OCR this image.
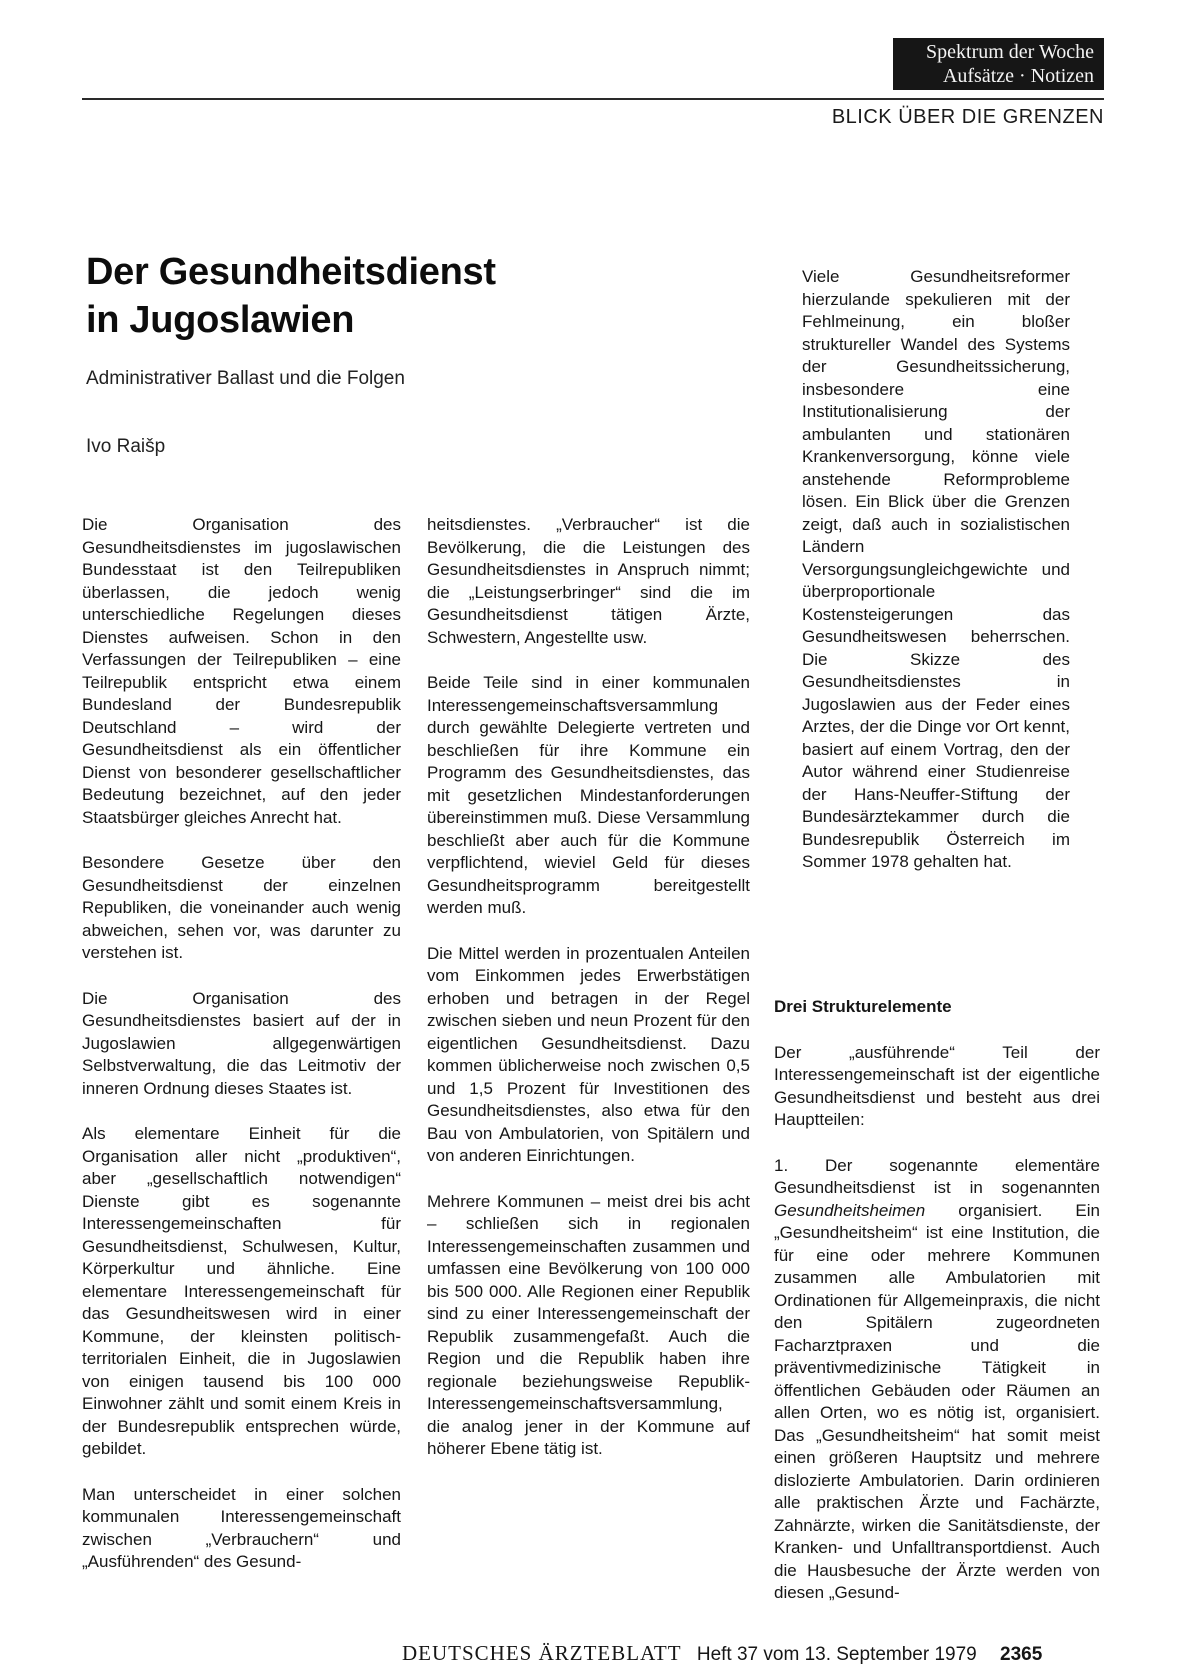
Spektrum der Woche
Aufsätze · Notizen
BLICK ÜBER DIE GRENZEN
Der Gesundheitsdienst
in Jugoslawien
Administrativer Ballast und die Folgen
Ivo Raišp

Die Organisation des Gesundheitsdienstes im jugoslawischen Bundesstaat ist den Teilrepubliken überlassen, die jedoch wenig unterschiedliche Regelungen dieses Dienstes aufweisen. Schon in den Verfassungen der Teilrepubliken – eine Teilrepublik entspricht etwa einem Bundesland der Bundesrepublik Deutschland – wird der Gesundheitsdienst als ein öffentlicher Dienst von besonderer gesellschaftlicher Bedeutung bezeichnet, auf den jeder Staatsbürger gleiches Anrecht hat.

Besondere Gesetze über den Gesundheitsdienst der einzelnen Republiken, die voneinander auch wenig abweichen, sehen vor, was darunter zu verstehen ist.

Die Organisation des Gesundheitsdienstes basiert auf der in Jugoslawien allgegenwärtigen Selbstverwaltung, die das Leitmotiv der inneren Ordnung dieses Staates ist.

Als elementare Einheit für die Organisation aller nicht „produktiven“, aber „gesellschaftlich notwendigen“ Dienste gibt es sogenannte Interessengemeinschaften für Gesundheitsdienst, Schulwesen, Kultur, Körperkultur und ähnliche. Eine elementare Interessengemeinschaft für das Gesundheitswesen wird in einer Kommune, der kleinsten politisch-territorialen Einheit, die in Jugoslawien von einigen tausend bis 100 000 Einwohner zählt und somit einem Kreis in der Bundesrepublik entsprechen würde, gebildet.

Man unterscheidet in einer solchen kommunalen Interessengemeinschaft zwischen „Verbrauchern“ und „Ausführenden“ des Gesund-

heitsdienstes. „Verbraucher“ ist die Bevölkerung, die die Leistungen des Gesundheitsdienstes in Anspruch nimmt; die „Leistungserbringer“ sind die im Gesundheitsdienst tätigen Ärzte, Schwestern, Angestellte usw.

Beide Teile sind in einer kommunalen Interessengemeinschaftsversammlung durch gewählte Delegierte vertreten und beschließen für ihre Kommune ein Programm des Gesundheitsdienstes, das mit gesetzlichen Mindestanforderungen übereinstimmen muß. Diese Versammlung beschließt aber auch für die Kommune verpflichtend, wieviel Geld für dieses Gesundheitsprogramm bereitgestellt werden muß.

Die Mittel werden in prozentualen Anteilen vom Einkommen jedes Erwerbstätigen erhoben und betragen in der Regel zwischen sieben und neun Prozent für den eigentlichen Gesundheitsdienst. Dazu kommen üblicherweise noch zwischen 0,5 und 1,5 Prozent für Investitionen des Gesundheitsdienstes, also etwa für den Bau von Ambulatorien, von Spitälern und von anderen Einrichtungen.

Mehrere Kommunen – meist drei bis acht – schließen sich in regionalen Interessengemeinschaften zusammen und umfassen eine Bevölkerung von 100 000 bis 500 000. Alle Regionen einer Republik sind zu einer Interessengemeinschaft der Republik zusammengefaßt. Auch die Region und die Republik haben ihre regionale beziehungsweise Republik-Interessengemeinschaftsversammlung, die analog jener in der Kommune auf höherer Ebene tätig ist.

Viele Gesundheitsreformer hierzulande spekulieren mit der Fehlmeinung, ein bloßer struktureller Wandel des Systems der Gesundheitssicherung, insbesondere eine Institutionalisierung der ambulanten und stationären Krankenversorgung, könne viele anstehende Reformprobleme lösen. Ein Blick über die Grenzen zeigt, daß auch in sozialistischen Ländern Versorgungsungleichgewichte und überproportionale Kostensteigerungen das Gesundheitswesen beherrschen. Die Skizze des Gesundheitsdienstes in Jugoslawien aus der Feder eines Arztes, der die Dinge vor Ort kennt, basiert auf einem Vortrag, den der Autor während einer Studienreise der Hans-Neuffer-Stiftung der Bundesärztekammer durch die Bundesrepublik Österreich im Sommer 1978 gehalten hat.

Drei Strukturelemente

Der „ausführende“ Teil der Interessengemeinschaft ist der eigentliche Gesundheitsdienst und besteht aus drei Hauptteilen:

1. Der sogenannte elementäre Gesundheitsdienst ist in sogenannten Gesundheitsheimen organisiert. Ein „Gesundheitsheim“ ist eine Institution, die für eine oder mehrere Kommunen zusammen alle Ambulatorien mit Ordinationen für Allgemeinpraxis, die nicht den Spitälern zugeordneten Facharztpraxen und die präventivmedizinische Tätigkeit in öffentlichen Gebäuden oder Räumen an allen Orten, wo es nötig ist, organisiert. Das „Gesundheitsheim“ hat somit meist einen größeren Hauptsitz und mehrere dislozierte Ambulatorien. Darin ordinieren alle praktischen Ärzte und Fachärzte, Zahnärzte, wirken die Sanitätsdienste, der Kranken- und Unfalltransportdienst. Auch die Hausbesuche der Ärzte werden von diesen „Gesund-

DEUTSCHES ÄRZTEBLATT Heft 37 vom 13. September 1979 2365
